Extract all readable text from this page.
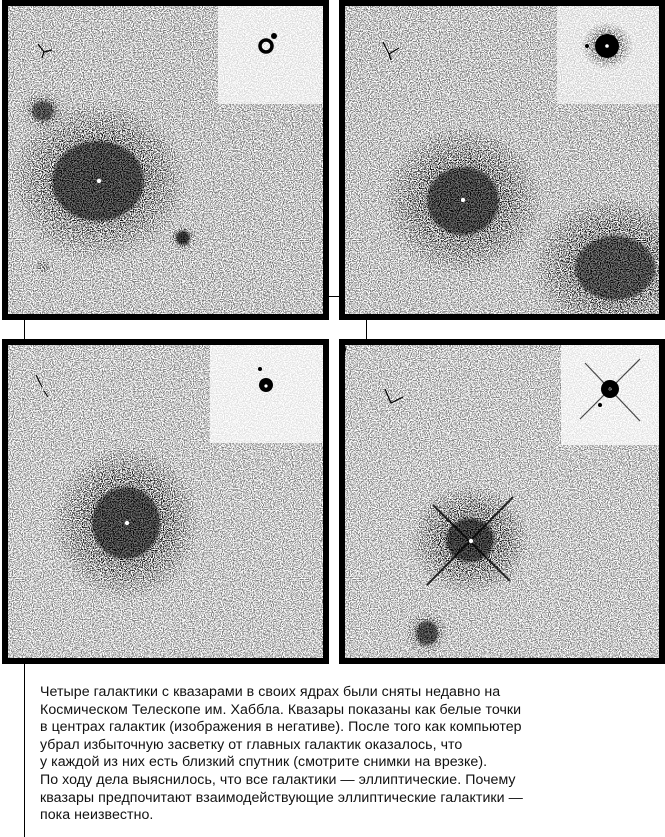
d
Четыре галактики с квазарами в своих ядрах были сняты недавно на
Космическом Телескопе им. Хаббла. Квазары показаны как белые точки
в центрах галактик (изображения в негативе). После того как компьютер
убрал избыточную засветку от главных галактик оказалось, что
у каждой из них есть близкий спутник (смотрите снимки на врезке).
По ходу дела выяснилось, что все галактики — эллиптические. Почему
квазары предпочитают взаимодействующие эллиптические галактики —
пока неизвестно.
